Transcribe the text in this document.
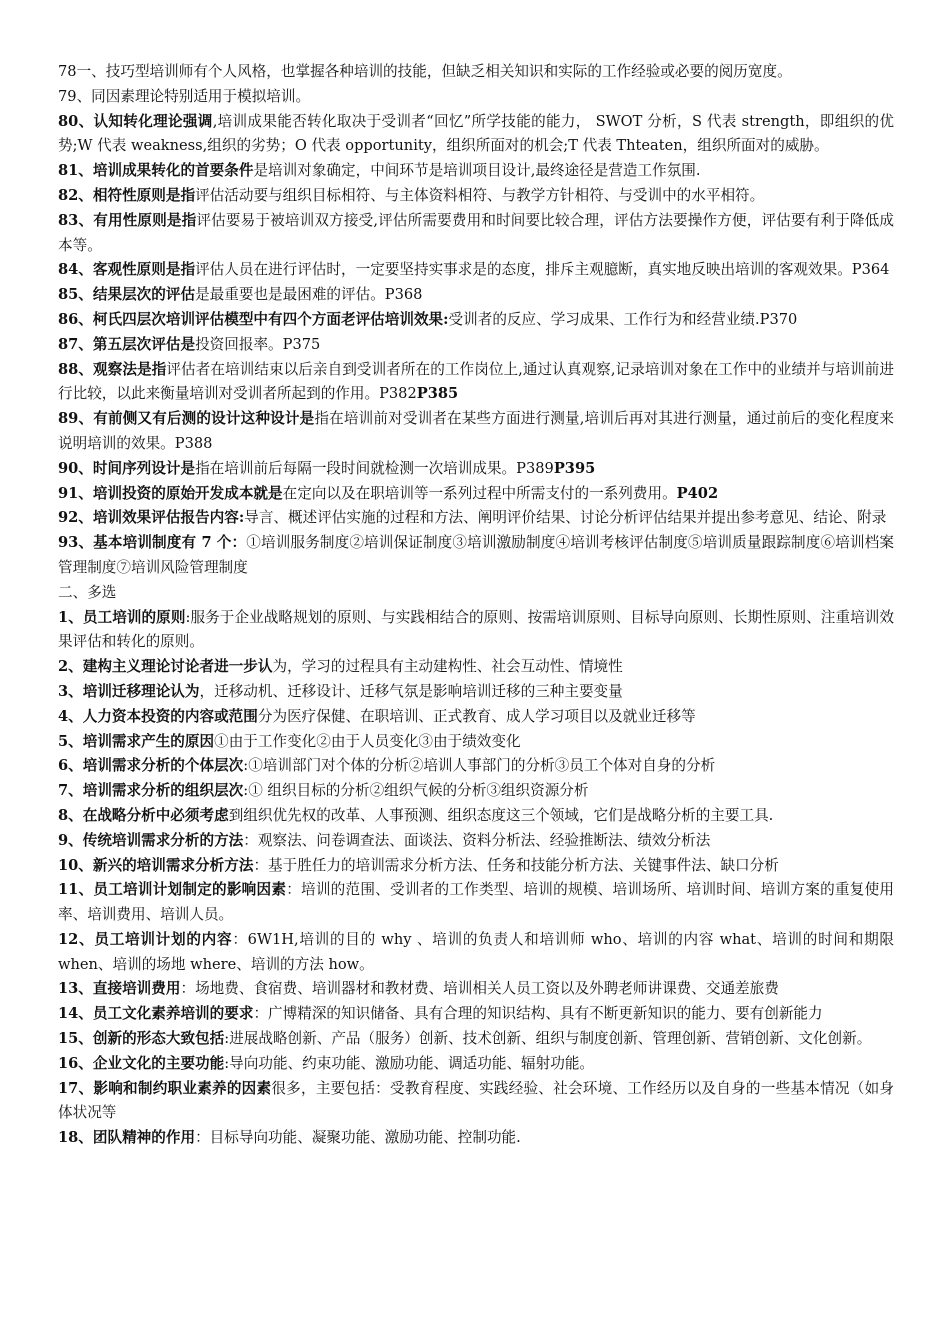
78一、技巧型培训师有个人风格，也掌握各种培训的技能，但缺乏相关知识和实际的工作经验或必要的阅历宽度。

79、同因素理论特别适用于模拟培训。

80、认知转化理论强调,培训成果能否转化取决于受训者“回忆”所学技能的能力， SWOT 分析，S 代表 strength，即组织的优势;W 代表 weakness,组织的劣势；O 代表 opportunity，组织所面对的机会;T 代表 Thteaten，组织所面对的威胁。

81、培训成果转化的首要条件是培训对象确定，中间环节是培训项目设计,最终途径是营造工作氛围.

82、相符性原则是指评估活动要与组织目标相符、与主体资料相符、与教学方针相符、与受训中的水平相符。

83、有用性原则是指评估要易于被培训双方接受,评估所需要费用和时间要比较合理，评估方法要操作方便，评估要有利于降低成本等。

84、客观性原则是指评估人员在进行评估时，一定要坚持实事求是的态度，排斥主观臆断，真实地反映出培训的客观效果。P364

85、结果层次的评估是最重要也是最困难的评估。P368

86、柯氏四层次培训评估模型中有四个方面老评估培训效果:受训者的反应、学习成果、工作行为和经营业绩.P370

87、第五层次评估是投资回报率。P375

88、观察法是指评估者在培训结束以后亲自到受训者所在的工作岗位上,通过认真观察,记录培训对象在工作中的业绩并与培训前进行比较，以此来衡量培训对受训者所起到的作用。P382P385

89、有前侧又有后测的设计这种设计是指在培训前对受训者在某些方面进行测量,培训后再对其进行测量，通过前后的变化程度来说明培训的效果。P388

90、时间序列设计是指在培训前后每隔一段时间就检测一次培训成果。P389P395

91、培训投资的原始开发成本就是在定向以及在职培训等一系列过程中所需支付的一系列费用。P402

92、培训效果评估报告内容:导言、概述评估实施的过程和方法、阐明评价结果、讨论分析评估结果并提出参考意见、结论、附录

93、基本培训制度有 7 个：①培训服务制度②培训保证制度③培训激励制度④培训考核评估制度⑤培训质量跟踪制度⑥培训档案管理制度⑦培训风险管理制度

二、多选

1、员工培训的原则:服务于企业战略规划的原则、与实践相结合的原则、按需培训原则、目标导向原则、长期性原则、注重培训效果评估和转化的原则。

2、建构主义理论讨论者进一步认为，学习的过程具有主动建构性、社会互动性、情境性

3、培训迁移理论认为，迁移动机、迁移设计、迁移气氛是影响培训迁移的三种主要变量

4、人力资本投资的内容或范围分为医疗保健、在职培训、正式教育、成人学习项目以及就业迁移等

5、培训需求产生的原因①由于工作变化②由于人员变化③由于绩效变化

6、培训需求分析的个体层次:①培训部门对个体的分析②培训人事部门的分析③员工个体对自身的分析

7、培训需求分析的组织层次:① 组织目标的分析②组织气候的分析③组织资源分析

8、在战略分析中必须考虑到组织优先权的改革、人事预测、组织态度这三个领域，它们是战略分析的主要工具.

9、传统培训需求分析的方法：观察法、问卷调查法、面谈法、资料分析法、经验推断法、绩效分析法

10、新兴的培训需求分析方法：基于胜任力的培训需求分析方法、任务和技能分析方法、关键事件法、缺口分析

11、员工培训计划制定的影响因素：培训的范围、受训者的工作类型、培训的规模、培训场所、培训时间、培训方案的重复使用率、培训费用、培训人员。

12、员工培训计划的内容：6W1H,培训的目的 why 、培训的负责人和培训师 who、培训的内容 what、培训的时间和期限 when、培训的场地 where、培训的方法 how。

13、直接培训费用：场地费、食宿费、培训器材和教材费、培训相关人员工资以及外聘老师讲课费、交通差旅费

14、员工文化素养培训的要求：广博精深的知识储备、具有合理的知识结构、具有不断更新知识的能力、要有创新能力

15、创新的形态大致包括:进展战略创新、产品（服务）创新、技术创新、组织与制度创新、管理创新、营销创新、文化创新。

16、企业文化的主要功能:导向功能、约束功能、激励功能、调适功能、辐射功能。

17、影响和制约职业素养的因素很多，主要包括：受教育程度、实践经验、社会环境、工作经历以及自身的一些基本情况（如身体状况等

18、团队精神的作用：目标导向功能、凝聚功能、激励功能、控制功能.
